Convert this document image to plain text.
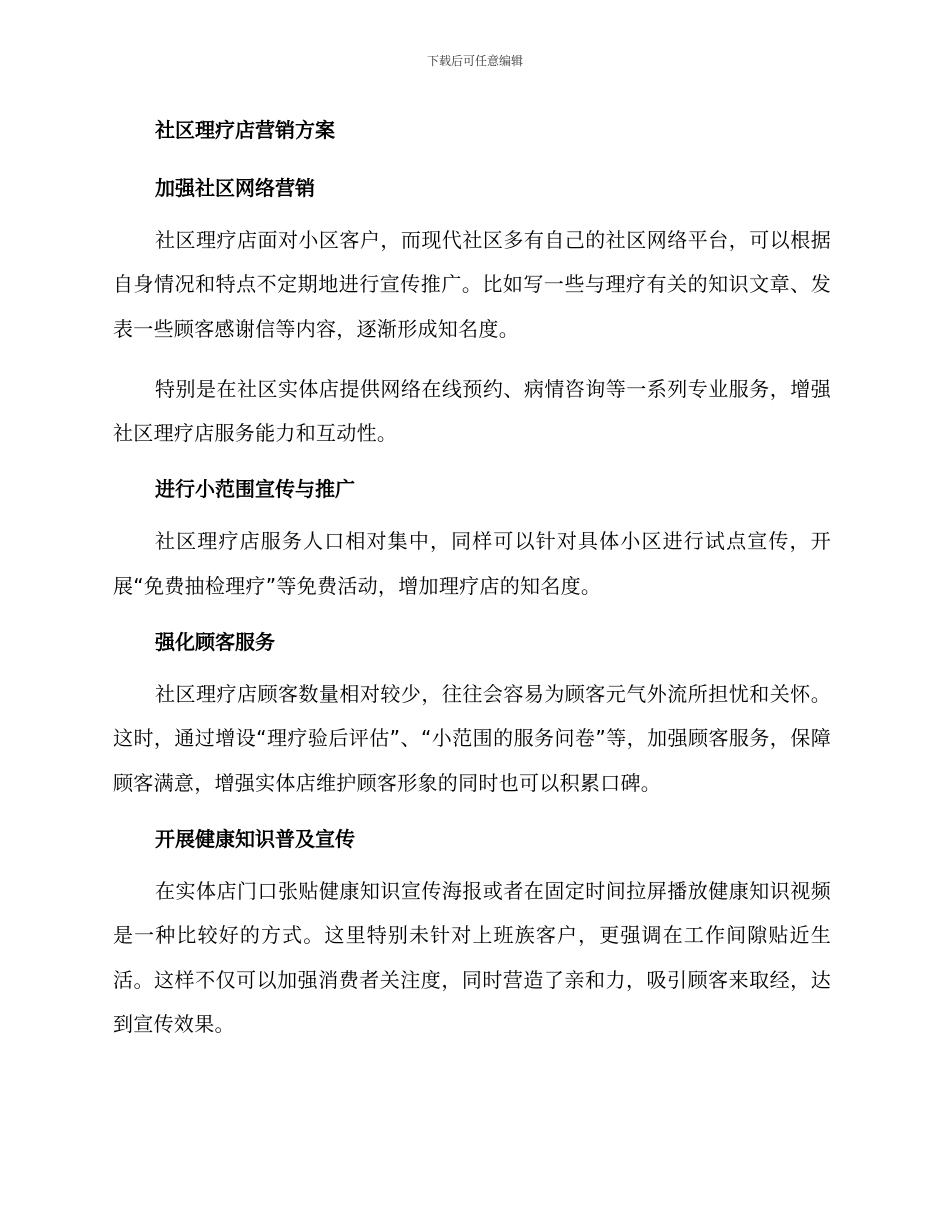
下载后可任意编辑
社区理疗店营销方案
加强社区网络营销

社区理疗店面对小区客户，而现代社区多有自己的社区网络平台，可以根据自身情况和特点不定期地进行宣传推广。比如写一些与理疗有关的知识文章、发表一些顾客感谢信等内容，逐渐形成知名度。

特别是在社区实体店提供网络在线预约、病情咨询等一系列专业服务，增强社区理疗店服务能力和互动性。

进行小范围宣传与推广

社区理疗店服务人口相对集中，同样可以针对具体小区进行试点宣传，开展“免费抽检理疗”等免费活动，增加理疗店的知名度。

强化顾客服务

社区理疗店顾客数量相对较少，往往会容易为顾客元气外流所担忧和关怀。这时，通过增设“理疗验后评估”、“小范围的服务问卷”等，加强顾客服务，保障顾客满意，增强实体店维护顾客形象的同时也可以积累口碑。

开展健康知识普及宣传

在实体店门口张贴健康知识宣传海报或者在固定时间拉屏播放健康知识视频是一种比较好的方式。这里特别未针对上班族客户，更强调在工作间隙贴近生活。这样不仅可以加强消费者关注度，同时营造了亲和力，吸引顾客来取经，达到宣传效果。
